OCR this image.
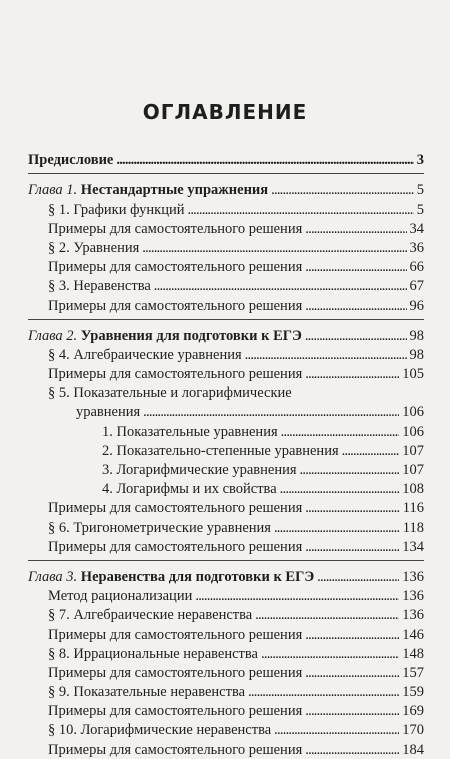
ОГЛАВЛЕНИЕ
Предисловие . . .	3
Глава 1. Нестандартные упражнения . . .	5
§ 1. Графики функций . . .	5
Примеры для самостоятельного решения . . .	34
§ 2. Уравнения . . .	36
Примеры для самостоятельного решения . . .	66
§ 3. Неравенства . . .	67
Примеры для самостоятельного решения . . .	96
Глава 2. Уравнения для подготовки к ЕГЭ . . .	98
§ 4. Алгебраические уравнения . . .	98
Примеры для самостоятельного решения . . .	105
§ 5. Показательные и логарифмические
уравнения . . .	106
1. Показательные уравнения . . .	106
2. Показательно-степенные уравнения . . .	107
3. Логарифмические уравнения . . .	107
4. Логарифмы и их свойства . . .	108
Примеры для самостоятельного решения . . .	116
§ 6. Тригонометрические уравнения . . .	118
Примеры для самостоятельного решения . . .	134
Глава 3. Неравенства для подготовки к ЕГЭ . . .	136
Метод рационализации . . .	136
§ 7. Алгебраические неравенства . . .	136
Примеры для самостоятельного решения . . .	146
§ 8. Иррациональные неравенства . . .	148
Примеры для самостоятельного решения . . .	157
§ 9. Показательные неравенства . . .	159
Примеры для самостоятельного решения . . .	169
§ 10. Логарифмические неравенства . . .	170
Примеры для самостоятельного решения . . .	184
